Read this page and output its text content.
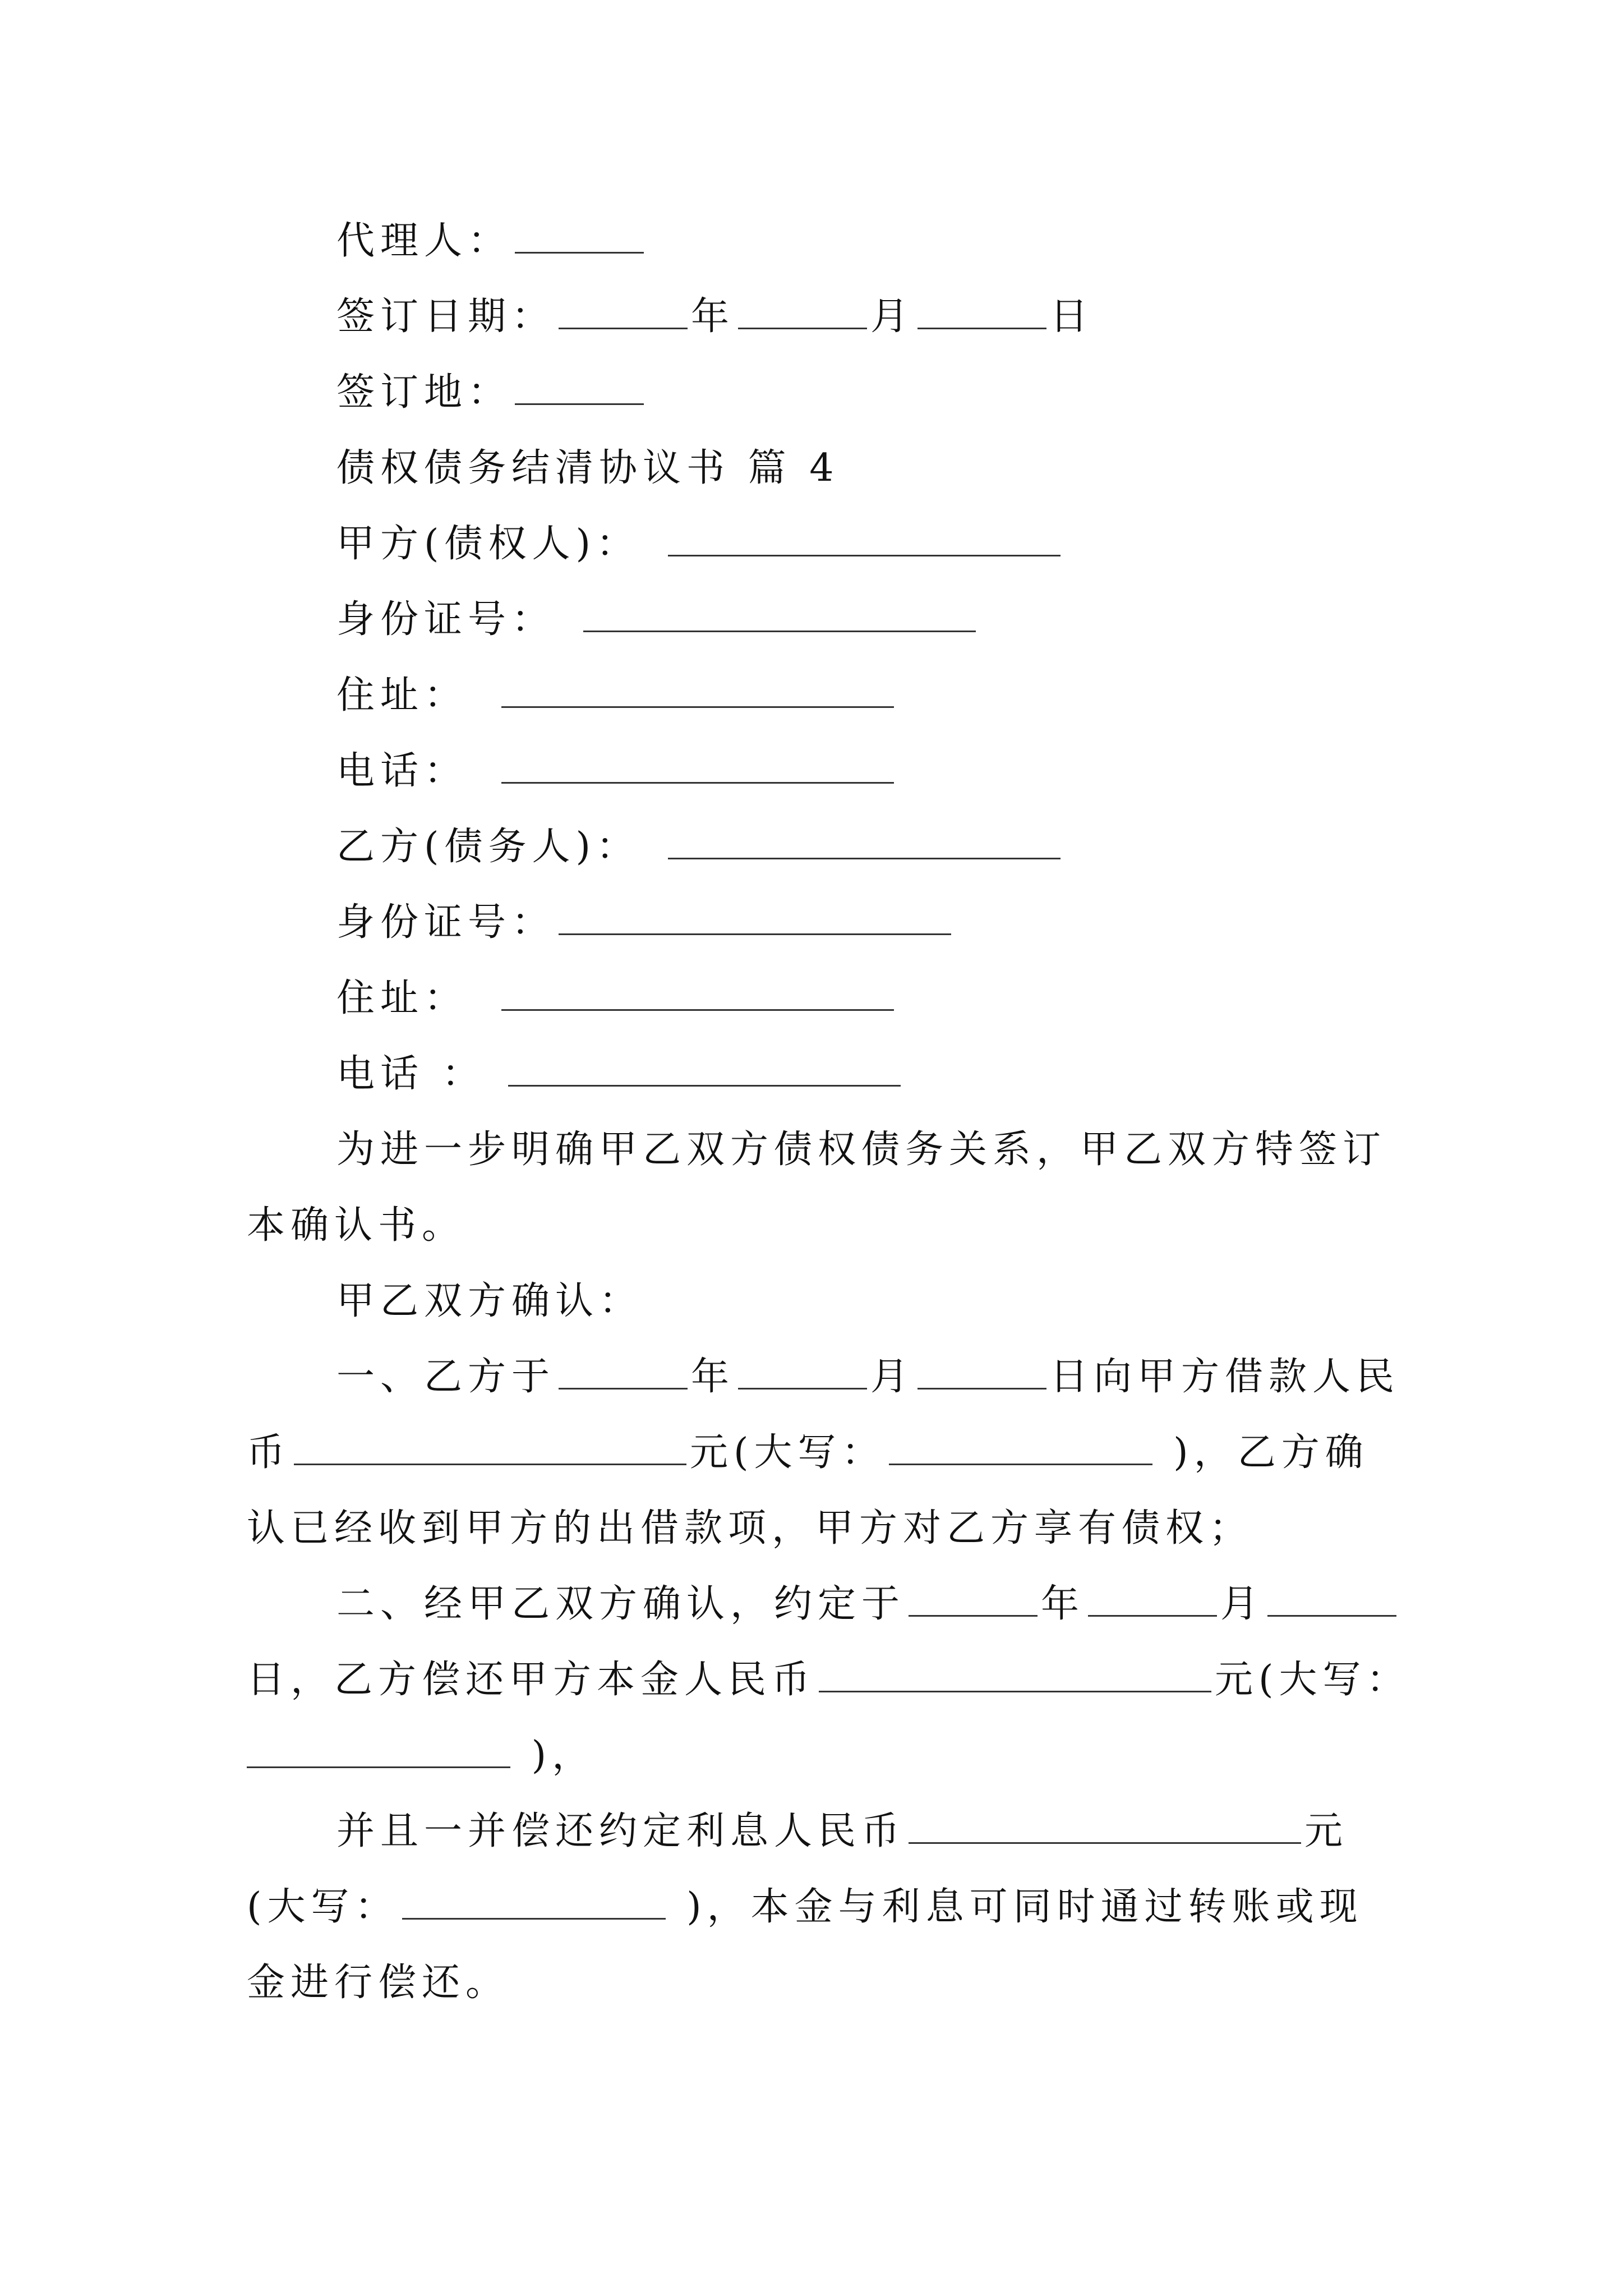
代理人：
签订日期：	年	月	日
签订地：
债权债务结清协议书 篇 4
甲方(债权人)：
身份证号：
住址：
电话：
乙方(债务人)：
身份证号：
住址：
电话 ：
为进一步明确甲乙双方债权债务关系，甲乙双方特签订
本确认书。
甲乙双方确认：
一、乙方于	年	月	日向甲方借款人民
币	元(大写：	)，乙方确
认已经收到甲方的出借款项，甲方对乙方享有债权；
二、经甲乙双方确认，约定于	年	月
日，乙方偿还甲方本金人民币	元(大写：
)，
并且一并偿还约定利息人民币	元
(大写：	)，本金与利息可同时通过转账或现
金进行偿还。
